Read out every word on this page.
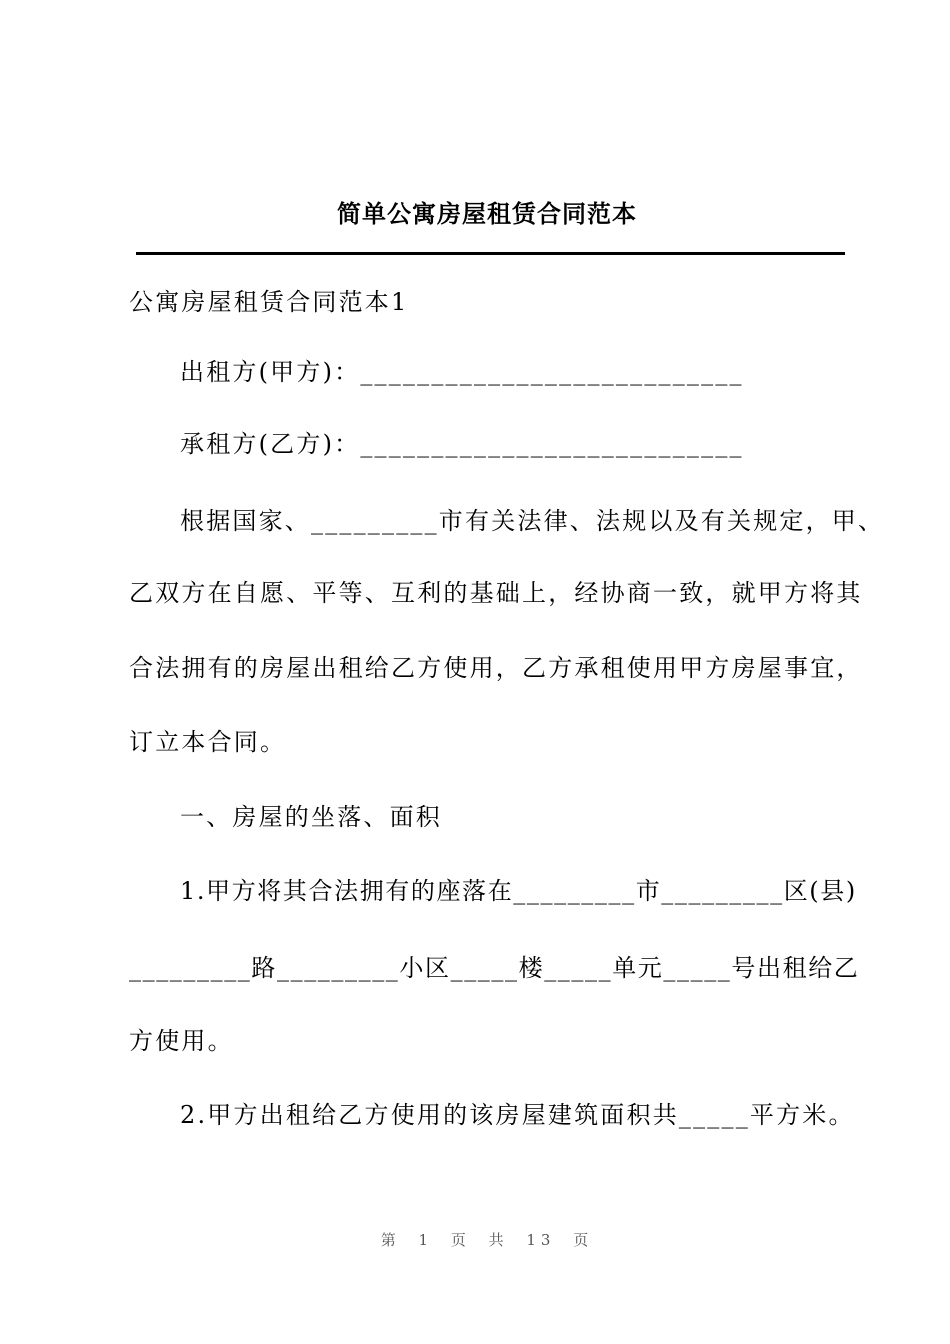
简单公寓房屋租赁合同范本
公寓房屋租赁合同范本1
出租方(甲方)：___________________________
承租方(乙方)：___________________________
根据国家、_________市有关法律、法规以及有关规定，甲、
乙双方在自愿、平等、互利的基础上，经协商一致，就甲方将其
合法拥有的房屋出租给乙方使用，乙方承租使用甲方房屋事宜，
订立本合同。
一、房屋的坐落、面积
1.甲方将其合法拥有的座落在_________市_________区(县)
_________路_________小区_____楼_____单元_____号出租给乙
方使用。
2.甲方出租给乙方使用的该房屋建筑面积共_____平方米。
第 1 页 共 13 页
